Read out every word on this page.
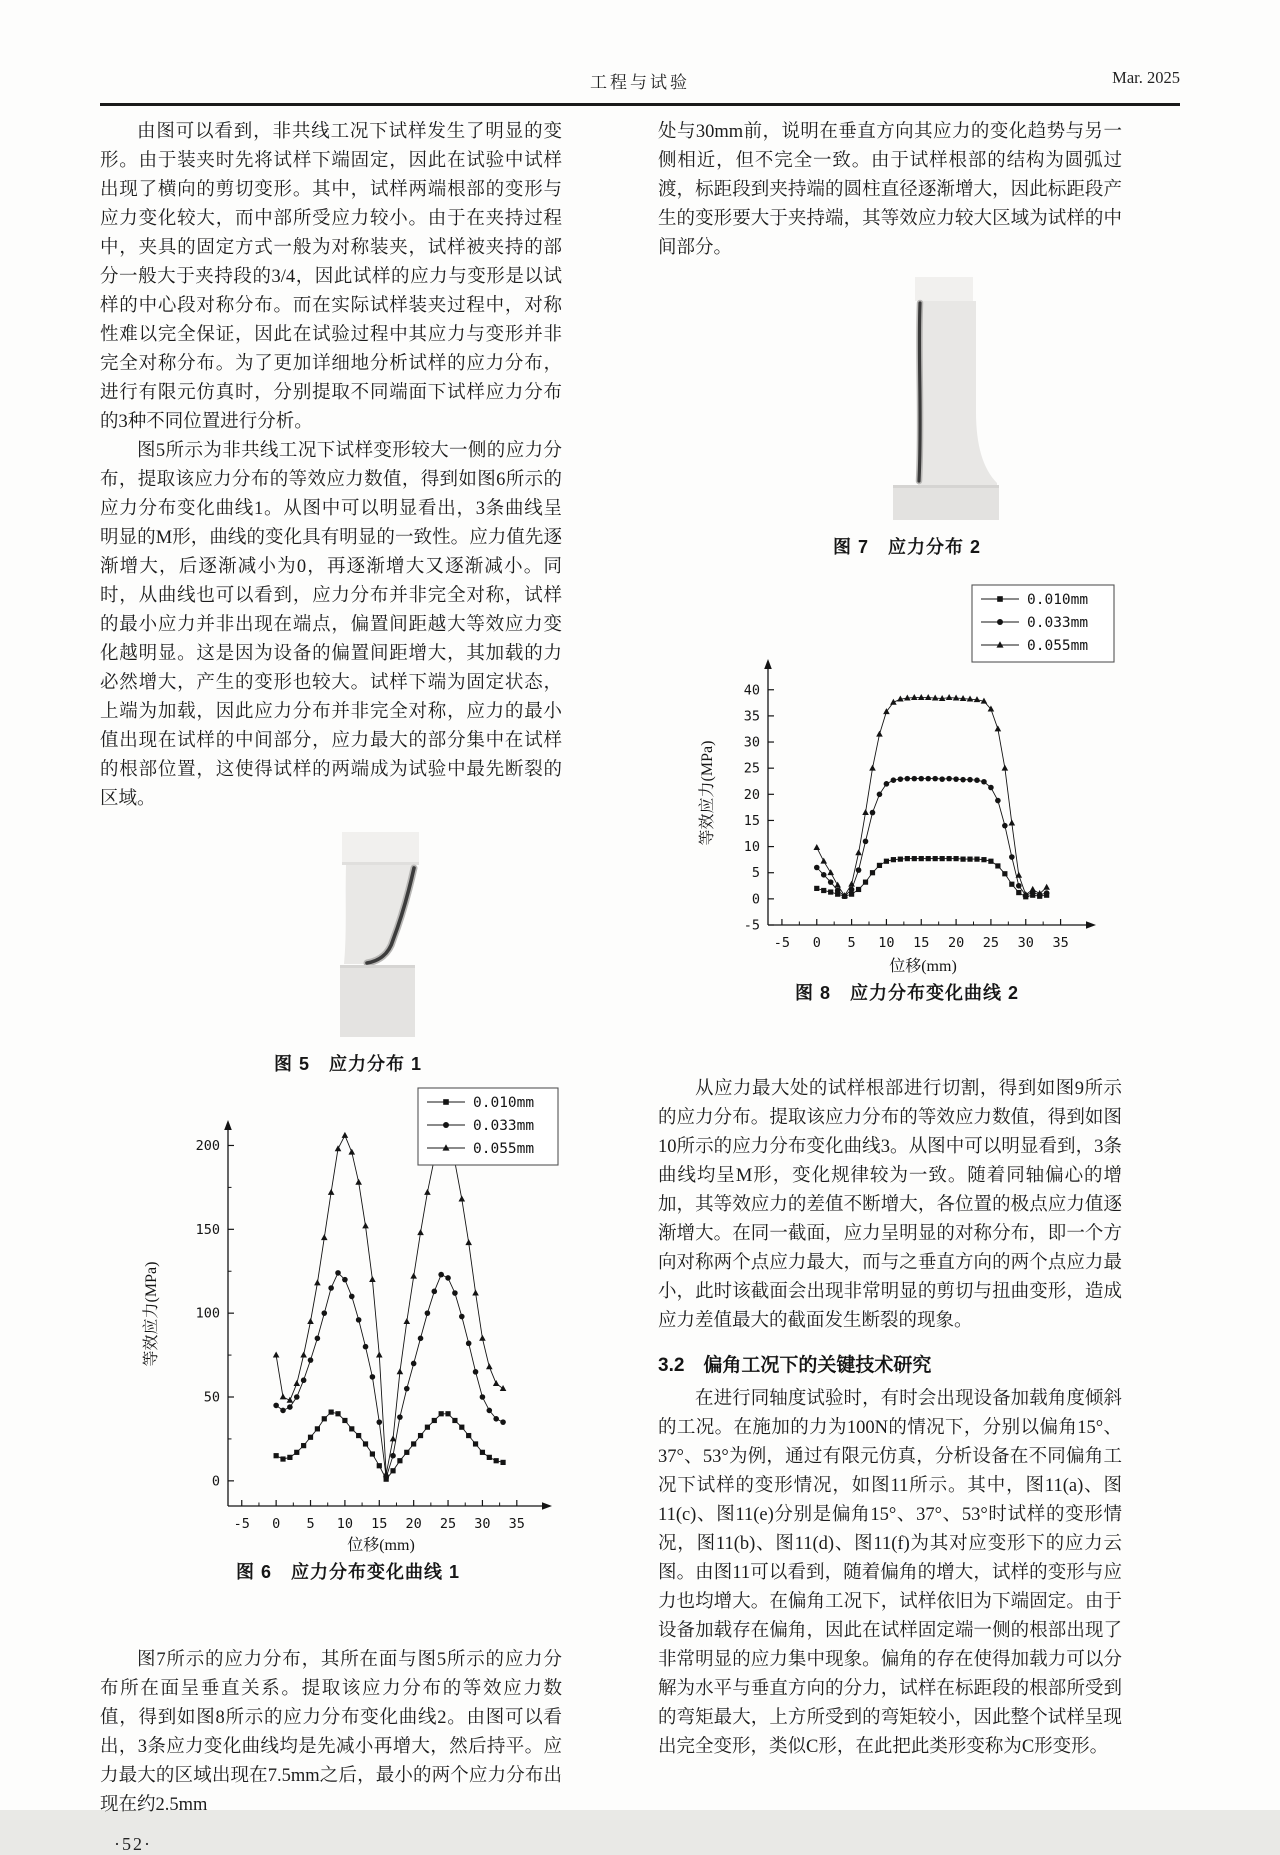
工程与试验	Mar. 2025

由图可以看到，非共线工况下试样发生了明显的变形。由于装夹时先将试样下端固定，因此在试验中试样出现了横向的剪切变形。其中，试样两端根部的变形与应力变化较大，而中部所受应力较小。由于在夹持过程中，夹具的固定方式一般为对称装夹，试样被夹持的部分一般大于夹持段的3/4，因此试样的应力与变形是以试样的中心段对称分布。而在实际试样装夹过程中，对称性难以完全保证，因此在试验过程中其应力与变形并非完全对称分布。为了更加详细地分析试样的应力分布，进行有限元仿真时，分别提取不同端面下试样应力分布的3种不同位置进行分析。

图5所示为非共线工况下试样变形较大一侧的应力分布，提取该应力分布的等效应力数值，得到如图6所示的应力分布变化曲线1。从图中可以明显看出，3条曲线呈明显的M形，曲线的变化具有明显的一致性。应力值先逐渐增大，后逐渐减小为0，再逐渐增大又逐渐减小。同时，从曲线也可以看到，应力分布并非完全对称，试样的最小应力并非出现在端点，偏置间距越大等效应力变化越明显。这是因为设备的偏置间距增大，其加载的力必然增大，产生的变形也较大。试样下端为固定状态，上端为加载，因此应力分布并非完全对称，应力的最小值出现在试样的中间部分，应力最大的部分集中在试样的根部位置，这使得试样的两端成为试验中最先断裂的区域。

图 5　应力分布 1
-5 0 5 10 15 20 25 30 35
0
50
100
150
200
位移(mm)
等效应力(MPa)
0.010mm
0.033mm
0.055mm
图 6　应力分布变化曲线 1

图7所示的应力分布，其所在面与图5所示的应力分布所在面呈垂直关系。提取该应力分布的等效应力数值，得到如图8所示的应力分布变化曲线2。由图可以看出，3条应力变化曲线均是先减小再增大，然后持平。应力最大的区域出现在7.5mm之后，最小的两个应力分布出现在约2.5mm

·52·

处与30mm前，说明在垂直方向其应力的变化趋势与另一侧相近，但不完全一致。由于试样根部的结构为圆弧过渡，标距段到夹持端的圆柱直径逐渐增大，因此标距段产生的变形要大于夹持端，其等效应力较大区域为试样的中间部分。

图 7　应力分布 2
-5 0 5 10 15 20 25 30 35
-5
0
5
10
15
20
25
30
35
40
位移(mm)
等效应力(MPa)
0.010mm
0.033mm
0.055mm
图 8　应力分布变化曲线 2

从应力最大处的试样根部进行切割，得到如图9所示的应力分布。提取该应力分布的等效应力数值，得到如图10所示的应力分布变化曲线3。从图中可以明显看到，3条曲线均呈M形，变化规律较为一致。随着同轴偏心的增加，其等效应力的差值不断增大，各位置的极点应力值逐渐增大。在同一截面，应力呈明显的对称分布，即一个方向对称两个点应力最大，而与之垂直方向的两个点应力最小，此时该截面会出现非常明显的剪切与扭曲变形，造成应力差值最大的截面发生断裂的现象。

3.2　偏角工况下的关键技术研究

在进行同轴度试验时，有时会出现设备加载角度倾斜的工况。在施加的力为100N的情况下，分别以偏角15°、37°、53°为例，通过有限元仿真，分析设备在不同偏角工况下试样的变形情况，如图11所示。其中，图11(a)、图11(c)、图11(e)分别是偏角15°、37°、53°时试样的变形情况，图11(b)、图11(d)、图11(f)为其对应变形下的应力云图。由图11可以看到，随着偏角的增大，试样的变形与应力也均增大。在偏角工况下，试样依旧为下端固定。由于设备加载存在偏角，因此在试样固定端一侧的根部出现了非常明显的应力集中现象。偏角的存在使得加载力可以分解为水平与垂直方向的分力，试样在标距段的根部所受到的弯矩最大，上方所受到的弯矩较小，因此整个试样呈现出完全变形，类似C形，在此把此类形变称为C形变形。
